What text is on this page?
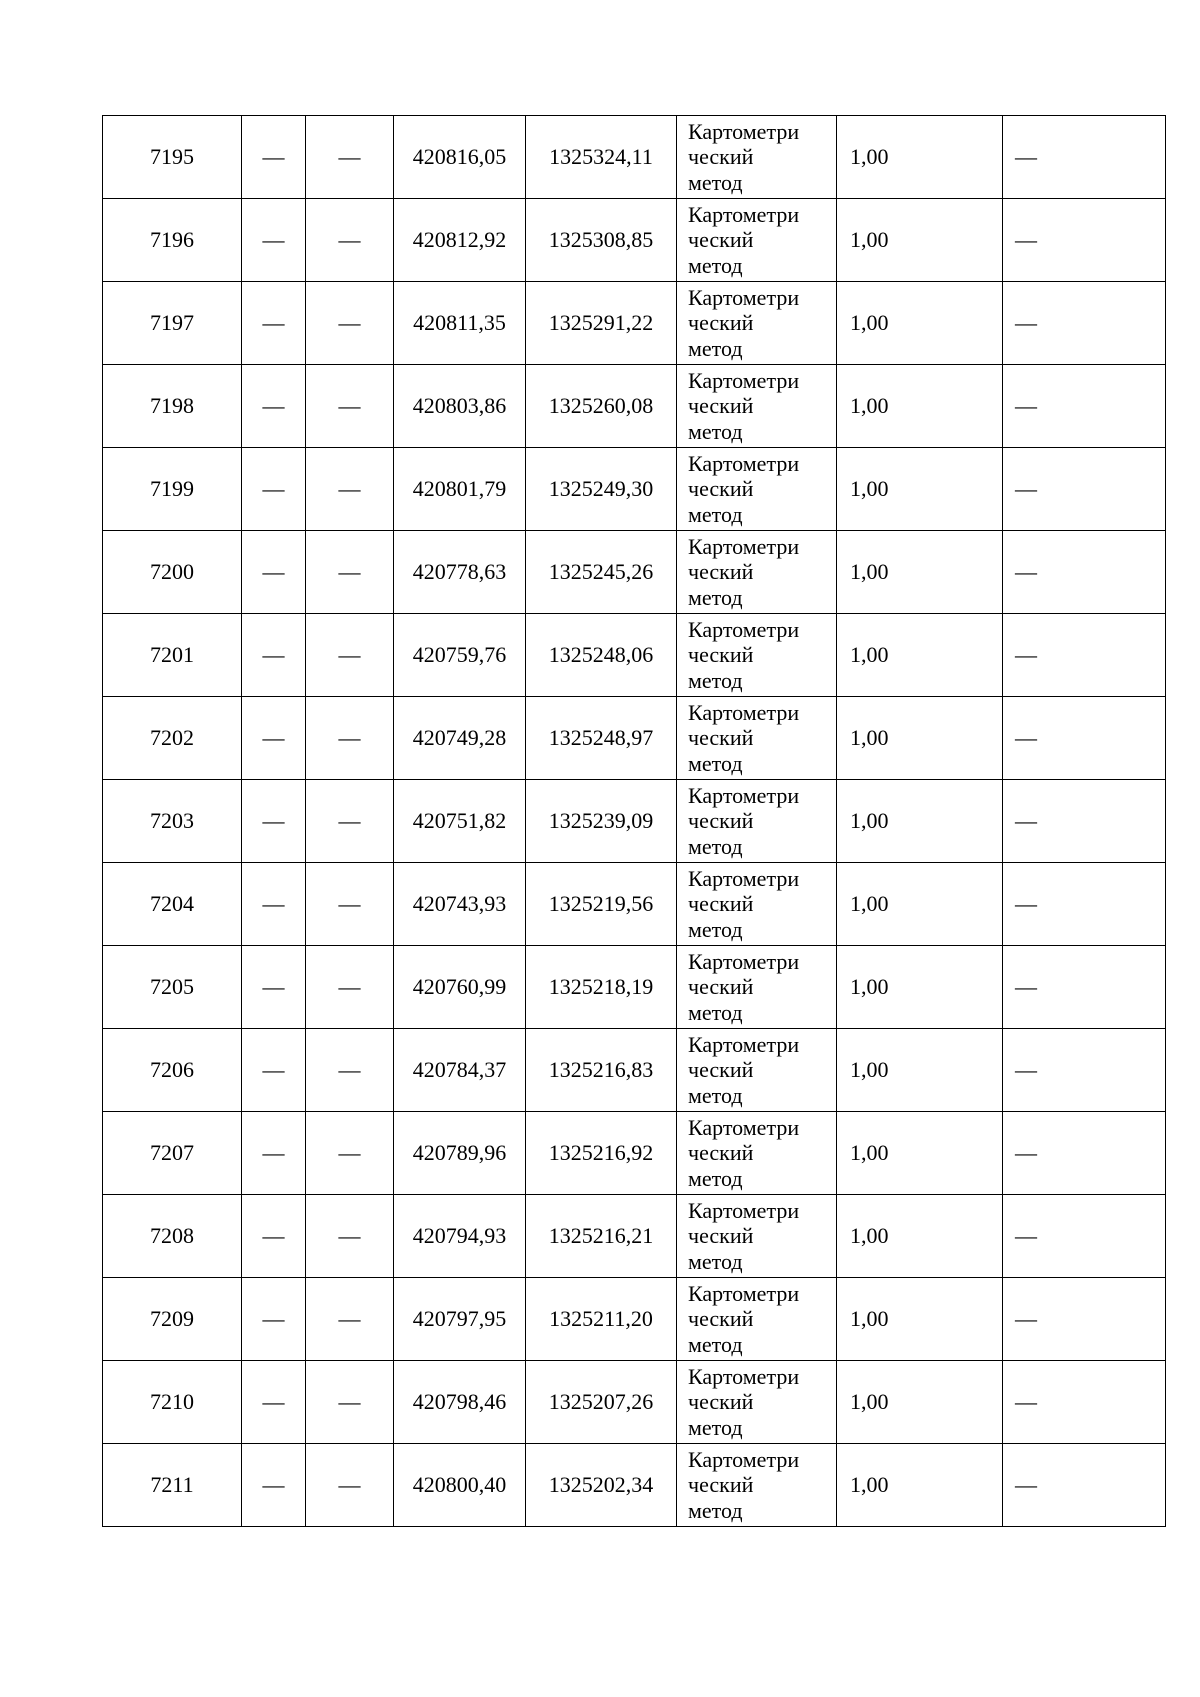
7195	—	—	420816,05	1325324,11	Картометри
ческий
метод	1,00	—
7196	—	—	420812,92	1325308,85	Картометри
ческий
метод	1,00	—
7197	—	—	420811,35	1325291,22	Картометри
ческий
метод	1,00	—
7198	—	—	420803,86	1325260,08	Картометри
ческий
метод	1,00	—
7199	—	—	420801,79	1325249,30	Картометри
ческий
метод	1,00	—
7200	—	—	420778,63	1325245,26	Картометри
ческий
метод	1,00	—
7201	—	—	420759,76	1325248,06	Картометри
ческий
метод	1,00	—
7202	—	—	420749,28	1325248,97	Картометри
ческий
метод	1,00	—
7203	—	—	420751,82	1325239,09	Картометри
ческий
метод	1,00	—
7204	—	—	420743,93	1325219,56	Картометри
ческий
метод	1,00	—
7205	—	—	420760,99	1325218,19	Картометри
ческий
метод	1,00	—
7206	—	—	420784,37	1325216,83	Картометри
ческий
метод	1,00	—
7207	—	—	420789,96	1325216,92	Картометри
ческий
метод	1,00	—
7208	—	—	420794,93	1325216,21	Картометри
ческий
метод	1,00	—
7209	—	—	420797,95	1325211,20	Картометри
ческий
метод	1,00	—
7210	—	—	420798,46	1325207,26	Картометри
ческий
метод	1,00	—
7211	—	—	420800,40	1325202,34	Картометри
ческий
метод	1,00	—
